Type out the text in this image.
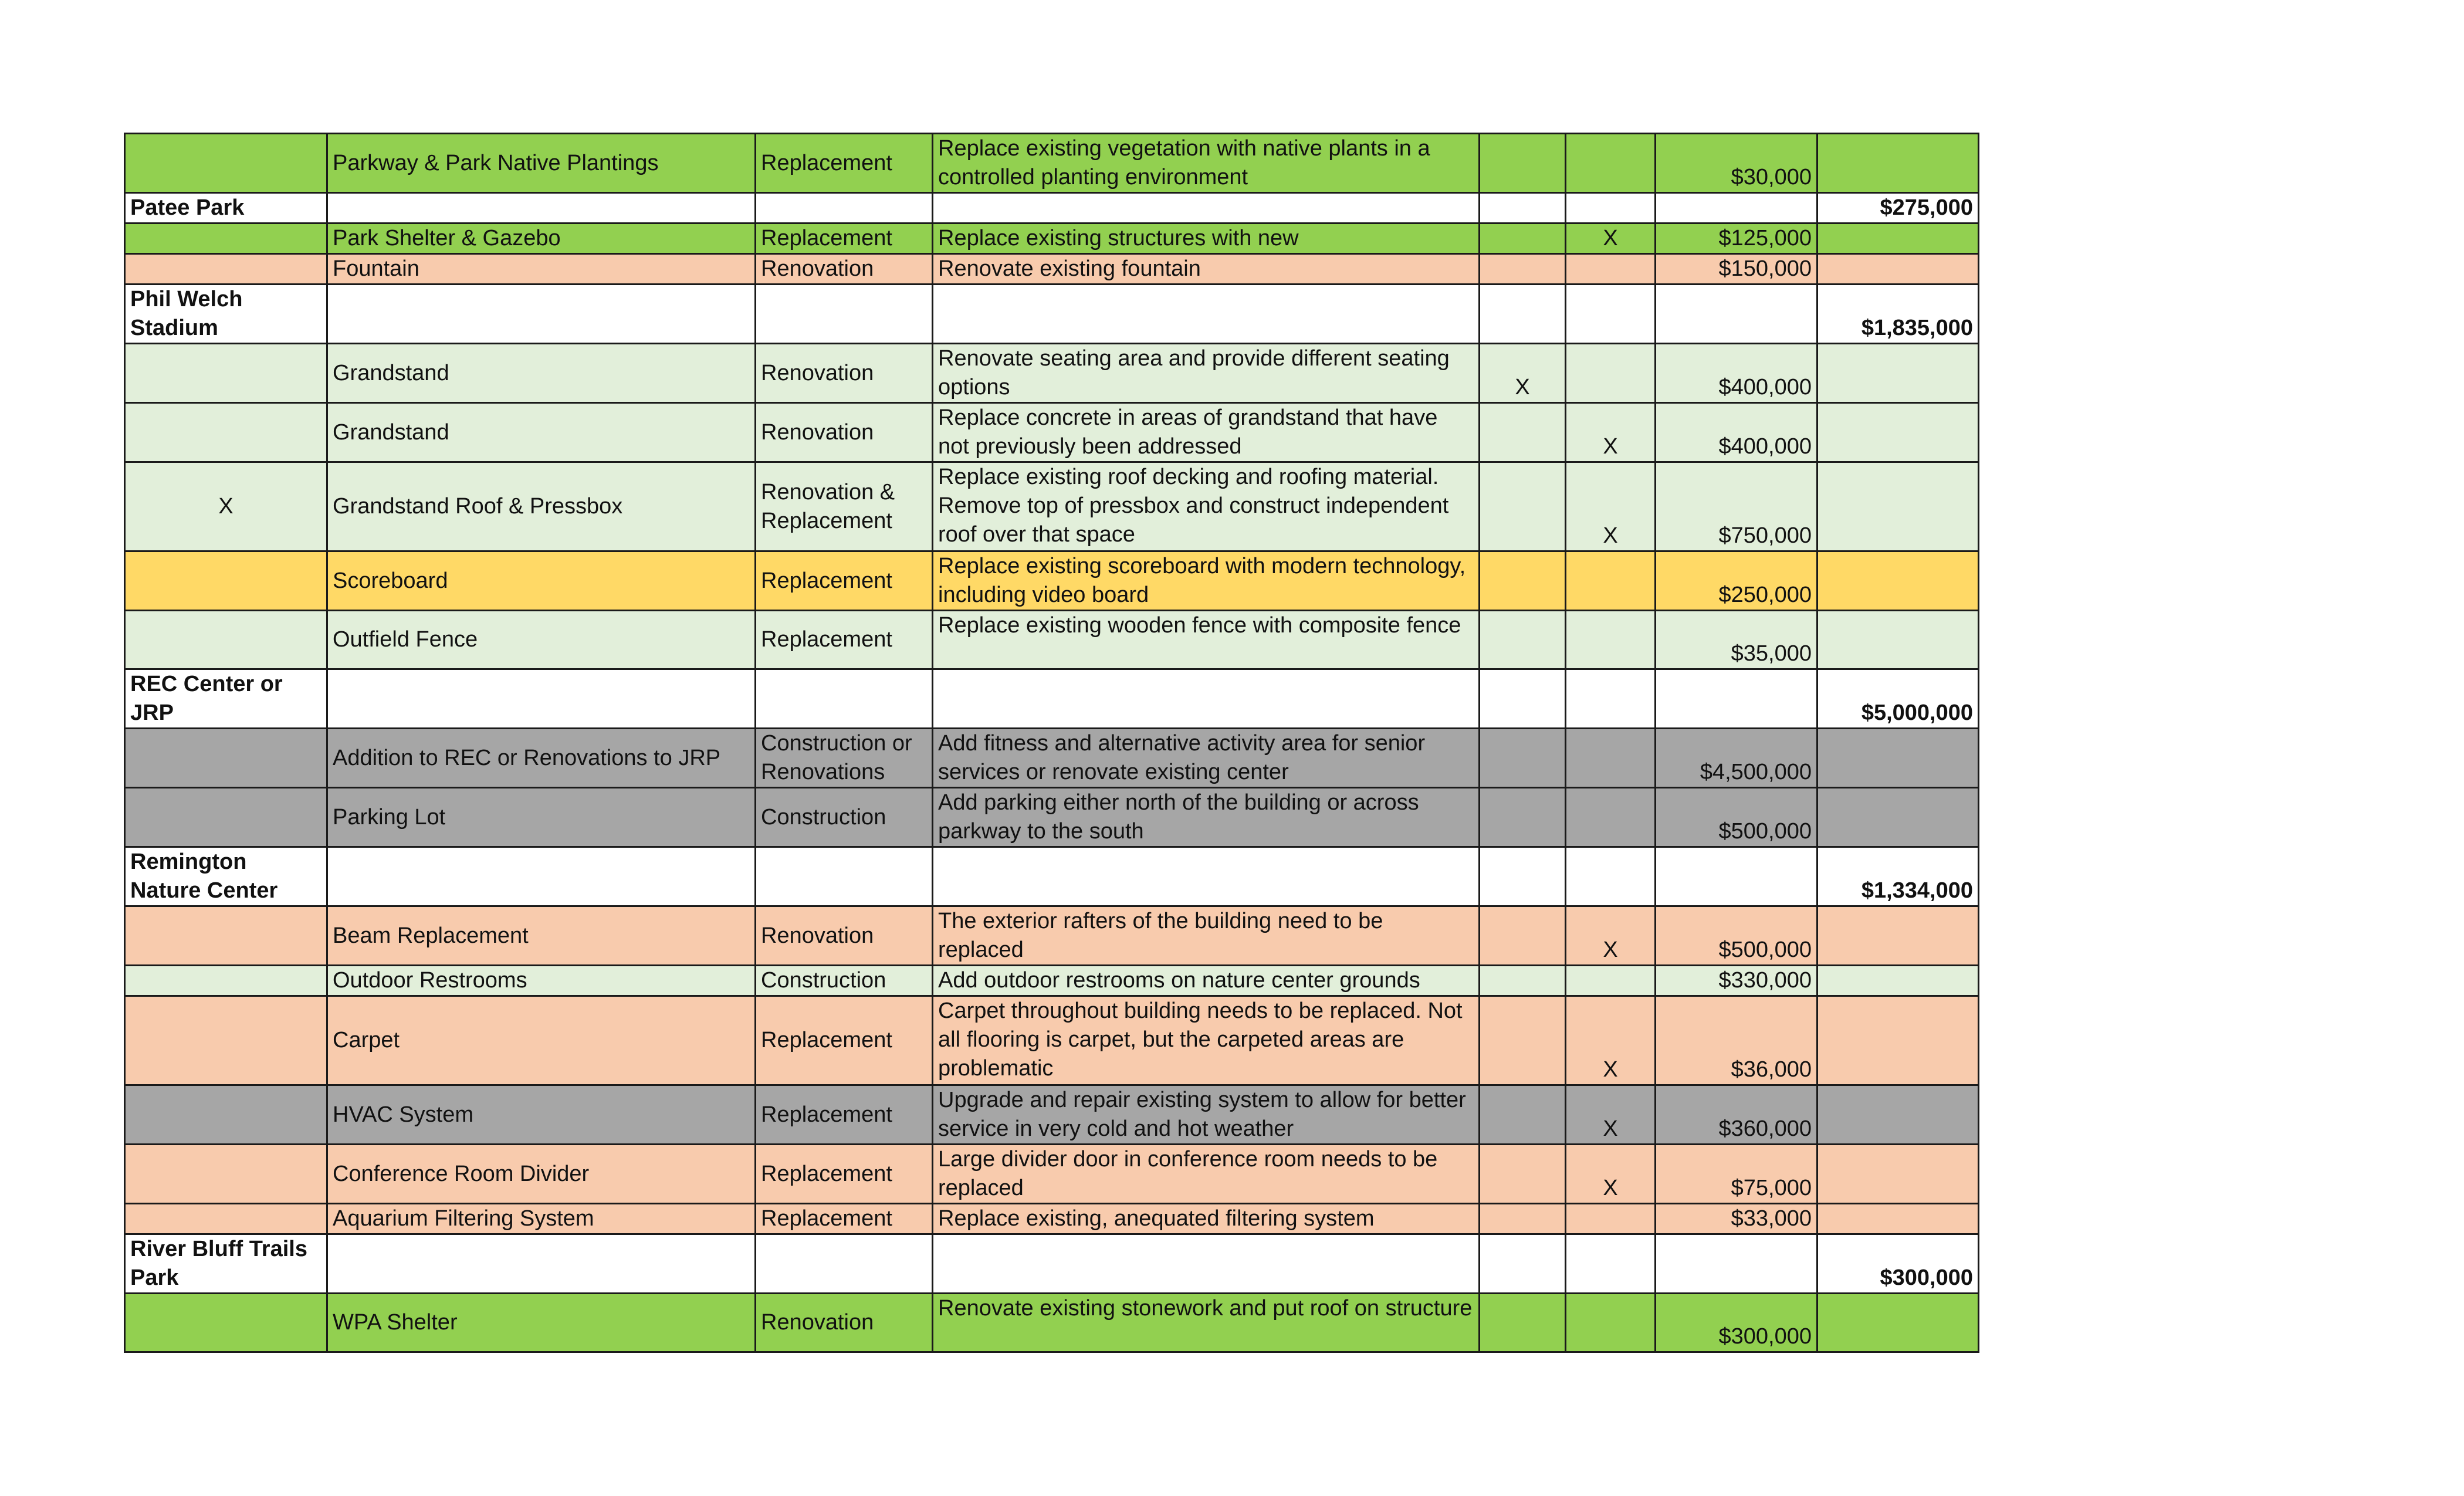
	Parkway & Park Native Plantings	Replacement	Replace existing vegetation with native plants in a controlled planting environment			$30,000	
Patee Park							$275,000
	Park Shelter & Gazebo	Replacement	Replace existing structures with new		X	$125,000	
	Fountain	Renovation	Renovate existing fountain			$150,000	
Phil Welch Stadium							$1,835,000
	Grandstand	Renovation	Renovate seating area and provide different seating options	X		$400,000	
	Grandstand	Renovation	Replace concrete in areas of grandstand that have not previously been addressed		X	$400,000	
X	Grandstand Roof & Pressbox	Renovation & Replacement	Replace existing roof decking and roofing material. Remove top of pressbox and construct independent roof over that space		X	$750,000	
	Scoreboard	Replacement	Replace existing scoreboard with modern technology, including video board			$250,000	
	Outfield Fence	Replacement	Replace existing wooden fence with composite fence			$35,000	
REC Center or JRP							$5,000,000
	Addition to REC or Renovations to JRP	Construction or Renovations	Add fitness and alternative activity area for senior services or renovate existing center			$4,500,000	
	Parking Lot	Construction	Add parking either north of the building or across parkway to the south			$500,000	
Remington Nature Center							$1,334,000
	Beam Replacement	Renovation	The exterior rafters of the building need to be replaced		X	$500,000	
	Outdoor Restrooms	Construction	Add outdoor restrooms on nature center grounds			$330,000	
	Carpet	Replacement	Carpet throughout building needs to be replaced. Not all flooring is carpet, but the carpeted areas are problematic		X	$36,000	
	HVAC System	Replacement	Upgrade and repair existing system to allow for better service in very cold and hot weather		X	$360,000	
	Conference Room Divider	Replacement	Large divider door in conference room needs to be replaced		X	$75,000	
	Aquarium Filtering System	Replacement	Replace existing, anequated filtering system			$33,000	
River Bluff Trails Park							$300,000
	WPA Shelter	Renovation	Renovate existing stonework and put roof on structure			$300,000	
